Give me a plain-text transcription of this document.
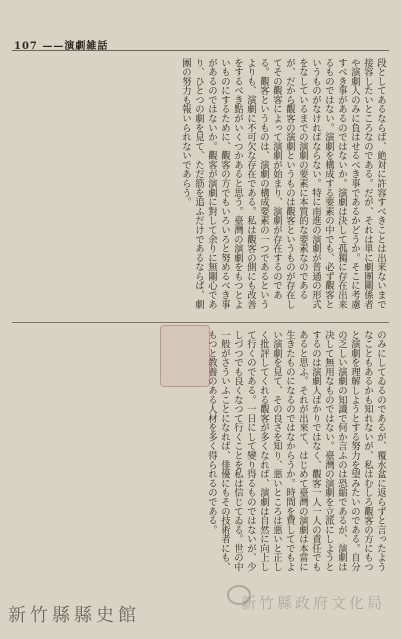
107 ——演劇雑話
段としてあるならば、絶対に許容すべきことは出来ないまで接容したいところなのである。だが、それは単に劇團關係者や演劇人のみに負はせるべき事であるかどうか。そこに考慮すべき事があるのではないか。演劇は決して孤獨に存在出来るものではない。演劇を構成する要素の中でも、必ず觀客というものがなければならない。特に南進の演劇が普通の形式をなしているまでの演劇の要素に本質的な要素なのであるが、だから觀客の演劇というものは觀客というものが存在してその觀客によって演劇が始まり、演劇が存在するのである。觀客というものは、演劇の構成要素の一つであるというよりも、演劇に不可欠な存在である。私は觀客の側にも改善をするべき點がいくつかあると思う。臺灣の演劇をもつとよいものにするために、觀客の方でもいろいろと努めるべき事があるのではないか。觀客が演劇に對して余りに無關心であり、ひとつの劇を見て、ただ筋を追ふだけであるならば、劇團の努力も報いられないであらう。
のみにしてゐるのであるが、覆水盆に返らずと言ったようなこともあるかも知れないが、私はむしろ觀客の方にもつと演劇を理解しようとする努力を望みたいのである。自分の乏しい演劇の知識で何か言ふのは恐縮であるが、演劇は决して無用なものではない。臺灣の演劇を立派にしようとするのは演劇人ばかりではなく、觀客一人一人の責任でもあると思ふ。それが出來て、はじめて臺灣の演劇は本當に生きたものになるのではなからうか。時間を費してでもよい演劇を見て、その良さを知り、悪いところは悪いと正しく批評してくれる觀客が多くなれば、演劇は自然に向上して行くのである。一日にして變り得るものではないが、少しづつでも良くなつて行くことを私は信じてゐる。世の中一般がさういふことになれば、俳優にもその技術者にも、もつと教養のある人材を多く得られるのである。
新竹縣政府文化局
新竹縣縣史館
